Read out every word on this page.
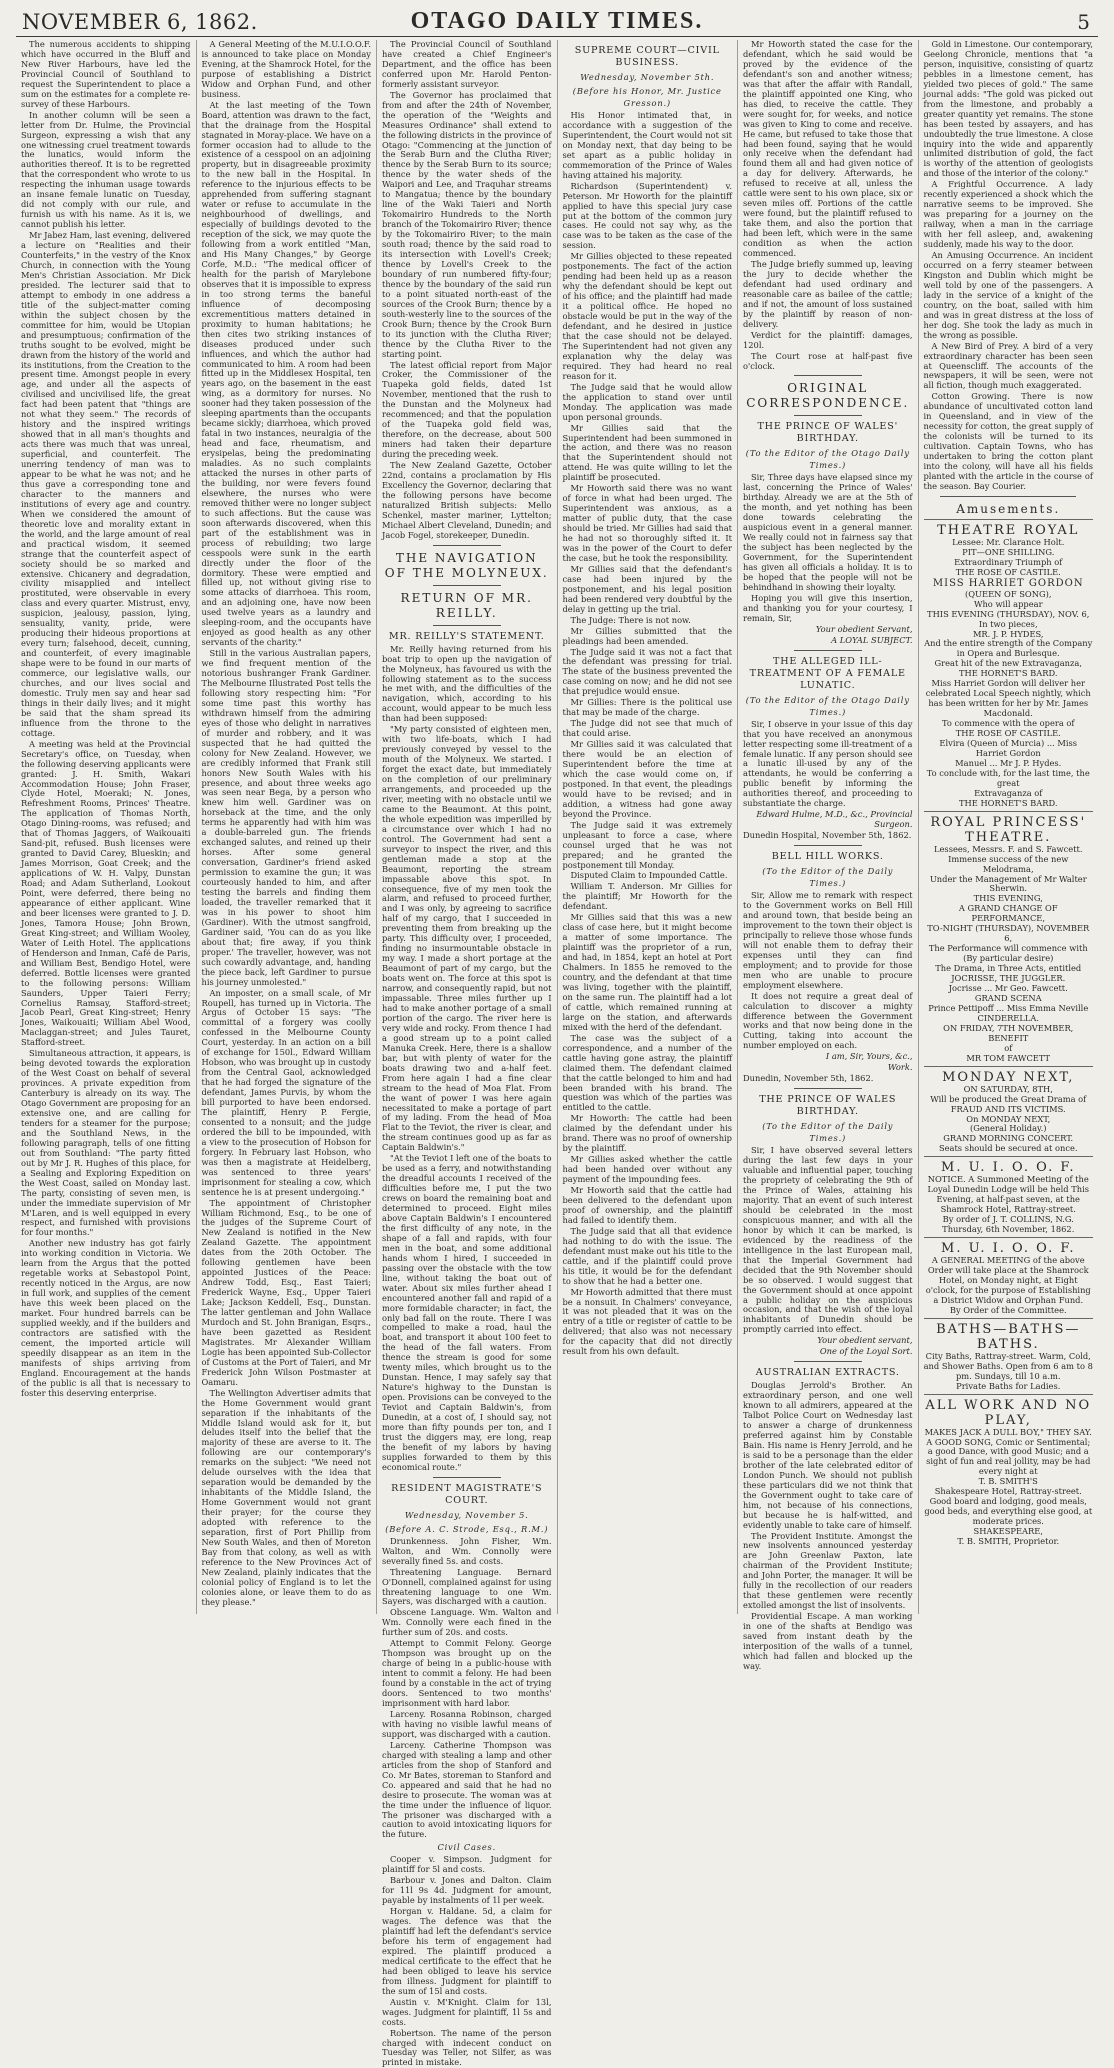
NOVEMBER 6, 1862.	OTAGO DAILY TIMES.	5

The numerous accidents to shipping which have occurred in the Bluff and New River Harbours, have led the Provincial Council of Southland to request the Superintendent to place a sum on the estimates for a complete re-survey of these Harbours.

In another column will be seen a letter from Dr. Hulme, the Provincial Surgeon, expressing a wish that any one witnessing cruel treatment towards the lunatics, would inform the authorities thereof. It is to be regretted that the correspondent who wrote to us respecting the inhuman usage towards an insane female lunatic on Tuesday, did not comply with our rule, and furnish us with his name. As it is, we cannot publish his letter.

Mr Jabez Ham, last evening, delivered a lecture on "Realities and their Counterfeits," in the vestry of the Knox Church, in connection with the Young Men's Christian Association. Mr Dick presided. The lecturer said that to attempt to embody in one address a title of the subject-matter coming within the subject chosen by the committee for him, would be Utopian and presumptuous; confirmation of the truths sought to be evolved, might be drawn from the history of the world and its institutions, from the Creation to the present time. Amongst people in every age, and under all the aspects of civilised and uncivilised life, the great fact had been patent that "things are not what they seem." The records of history and the inspired writings showed that in all man's thoughts and acts there was much that was unreal, superficial, and counterfeit. The unerring tendency of man was to appear to be what he was not; and he thus gave a corresponding tone and character to the manners and institutions of every age and country. When we considered the amount of theoretic love and morality extant in the world, and the large amount of real and practical wisdom, it seemed strange that the counterfeit aspect of society should be so marked and extensive. Chicanery and degradation, civility misapplied and intellect prostituted, were observable in every class and every quarter. Mistrust, envy, suspicion, jealousy, passion, lying, sensuality, vanity, pride, were producing their hideous proportions at every turn; falsehood, deceit, cunning, and counterfeit, of every imaginable shape were to be found in our marts of commerce, our legislative walls, our churches, and our lives social and domestic. Truly men say and hear sad things in their daily lives; and it might be said that the sham spread its influence from the throne to the cottage.

A meeting was held at the Provincial Secretary's office, on Tuesday, when the following deserving applicants were granted: J. H. Smith, Wakari Accommodation House; John Fraser, Clyde Hotel, Moeraki; N. Jones, Refreshment Rooms, Princes' Theatre. The application of Thomas North, Otago Dining-rooms, was refused; and that of Thomas Jaggers, of Waikouaiti Sand-pit, refused. Bush licenses were granted to David Carey, Blueskin; and James Morrison, Goat Creek; and the applications of W. H. Valpy, Dunstan Road; and Adam Sutherland, Lookout Point, were deferred, there being no appearance of either applicant. Wine and beer licenses were granted to J. D. Jones, Tamora House; John Brown, Great King-street; and William Wooley, Water of Leith Hotel. The applications of Henderson and Inman, Café de Paris, and William Best, Bendigo Hotel, were deferred. Bottle licenses were granted to the following persons: William Saunders, Upper Taieri Ferry; Cornelius Ramsay, Stafford-street; Jacob Pearl, Great King-street; Henry Jones, Waikouaiti; William Abel Wood, Maclaggan-street; and Jules Tauret, Stafford-street.

Simultaneous attraction, it appears, is being devoted towards the exploration of the West Coast on behalf of several provinces. A private expedition from Canterbury is already on its way. The Otago Government are proposing for an extensive one, and are calling for tenders for a steamer for the purpose; and the Southland News, in the following paragraph, tells of one fitting out from Southland: "The party fitted out by Mr J. R. Hughes of this place, for a Sealing and Exploring Expedition on the West Coast, sailed on Monday last. The party, consisting of seven men, is under the immediate supervision of Mr M'Laren, and is well equipped in every respect, and furnished with provisions for four months."

Another new industry has got fairly into working condition in Victoria. We learn from the Argus that the potted regetable works at Sebastopol Point, recently noticed in the Argus, are now in full work, and supplies of the cement have this week been placed on the market. Four hundred barrels can be supplied weekly, and if the builders and contractors are satisfied with the cement, the imported article will speedily disappear as an item in the manifests of ships arriving from England. Encouragement at the hands of the public is all that is necessary to foster this deserving enterprise.

A General Meeting of the M.U.I.O.O.F. is announced to take place on Monday Evening, at the Shamrock Hotel, for the purpose of establishing a District Widow and Orphan Fund, and other business.

At the last meeting of the Town Board, attention was drawn to the fact, that the drainage from the Hospital stagnated in Moray-place. We have on a former occasion had to allude to the existence of a cesspool on an adjoining property, but in disagreeable proximity to the new ball in the Hospital. In reference to the injurious effects to be apprehended from suffering stagnant water or refuse to accumulate in the neighbourhood of dwellings, and especially of buildings devoted to the reception of the sick, we may quote the following from a work entitled "Man, and His Many Changes," by George Corfe, M.D.: "The medical officer of health for the parish of Marylebone observes that it is impossible to express in too strong terms the baneful influence of decomposing excrementitious matters detained in proximity to human habitations; he then cites two striking instances of diseases produced under such influences, and which the author had communicated to him. A room had been fitted up in the Middlesex Hospital, ten years ago, on the basement in the east wing, as a dormitory for nurses. No sooner had they taken possession of the sleeping apartments than the occupants became sickly; diarrhoea, which proved fatal in two instances, neuralgia of the head and face, rheumatism, and erysipelas, being the predominating maladies. As no such complaints attacked the nurses in other parts of the building, nor were fevers found elsewhere, the nurses who were removed thither were no longer subject to such affections. But the cause was soon afterwards discovered, when this part of the establishment was in process of rebuilding; two large cesspools were sunk in the earth directly under the floor of the dormitory. These were emptied and filled up, not without giving rise to some attacks of diarrhoea. This room, and an adjoining one, have now been used twelve years as a laundry and sleeping-room, and the occupants have enjoyed as good health as any other servants of the charity."

Still in the various Australian papers, we find frequent mention of the notorious bushranger Frank Gardiner. The Melbourne Illustrated Post tells the following story respecting him: "For some time past this worthy has withdrawn himself from the admiring eyes of those who delight in narratives of murder and robbery, and it was suspected that he had quitted the colony for New Zealand. However, we are credibly informed that Frank still honors New South Wales with his presence, and about three weeks ago was seen near Bega, by a person who knew him well. Gardiner was on horseback at the time, and the only terms he apparently had with him was a double-barreled gun. The friends exchanged salutes, and reined up their horses. After some general conversation, Gardiner's friend asked permission to examine the gun; it was courteously handed to him, and after testing the barrels and finding them loaded, the traveller remarked that it was in his power to shoot him (Gardiner). With the utmost sangfroid, Gardiner said, 'You can do as you like about that; fire away, if you think proper.' The traveller, however, was not such cowardly advantage, and, handing the piece back, left Gardiner to pursue his journey unmolested."

An imposter, on a small scale, of Mr Roupell, has turned up in Victoria. The Argus of October 15 says: "The committal of a forgery was coolly confessed in the Melbourne County Court, yesterday. In an action on a bill of exchange for 150l., Edward William Hobson, who was brought up in custody from the Central Gaol, acknowledged that he had forged the signature of the defendant, James Purvis, by whom the bill purported to have been endorsed. The plaintiff, Henry P. Fergie, consented to a nonsuit; and the judge ordered the bill to be impounded, with a view to the prosecution of Hobson for forgery. In February last Hobson, who was then a magistrate at Heidelberg, was sentenced to three years' imprisonment for stealing a cow, which sentence he is at present undergoing."

The appointment of Christopher William Richmond, Esq., to be one of the judges of the Supreme Court of New Zealand is notified in the New Zealand Gazette. The appointment dates from the 20th October. The following gentlemen have been appointed Justices of the Peace: Andrew Todd, Esq., East Taieri; Frederick Wayne, Esq., Upper Taieri Lake; Jackson Keddell, Esq., Dunstan. The latter gentleman and John Wallace Murdoch and St. John Branigan, Esqrs., have been gazetted as Resident Magistrates. Mr Alexander William Logie has been appointed Sub-Collector of Customs at the Port of Taieri, and Mr Frederick John Wilson Postmaster at Oamaru.

The Wellington Advertiser admits that the Home Government would grant separation if the inhabitants of the Middle Island would ask for it, but deludes itself into the belief that the majority of these are averse to it. The following are our contemporary's remarks on the subject: "We need not delude ourselves with the idea that separation would be demanded by the inhabitants of the Middle Island, the Home Government would not grant their prayer; for the course they adopted with reference to the separation, first of Port Phillip from New South Wales, and then of Moreton Bay from that colony, as well as with reference to the New Provinces Act of New Zealand, plainly indicates that the colonial policy of England is to let the colonies alone, or leave them to do as they please."

The Provincial Council of Southland have created a Chief Engineer's Department, and the office has been conferred upon Mr. Harold Penton-formerly assistant surveyor.

The Governor has proclaimed that from and after the 24th of November, the operation of the "Weights and Measures Ordinance" shall extend to the following districts in the province of Otago: "Commencing at the junction of the Serab Burn and the Clutha River; thence by the Serab Burn to its source; thence by the water sheds of the Waipori and Lee, and Traquhar streams to Mangatua; thence by the boundary line of the Waki Taieri and North Tokomairiro Hundreds to the North branch of the Tokomairiro River; thence by the Tokomairiro River; to the main south road; thence by the said road to its intersection with Lovell's Creek; thence by Lovell's Creek to the boundary of run numbered fifty-four; thence by the boundary of the said run to a point situated north-east of the sources of the Crook Burn; thence by a south-westerly line to the sources of the Crook Burn; thence by the Crook Burn to its junction with the Clutha River; thence by the Clutha River to the starting point.

The latest official report from Major Croker, the Commissioner of the Tuapeka gold fields, dated 1st November, mentioned that the rush to the Dunstan and the Molyneux had recommenced; and that the population of the Tuapeka gold field was, therefore, on the decrease, about 500 miners had taken their departure during the preceding week.

The New Zealand Gazette, October 22nd, contains a proclamation by His Excellency the Governor, declaring that the following persons have become naturalized British subjects: Mello Schenkel, master mariner, Lyttelton; Michael Albert Cleveland, Dunedin; and Jacob Fogel, storekeeper, Dunedin.

THE NAVIGATION OF THE MOLYNEUX.
RETURN OF MR. REILLY.
MR. REILLY'S STATEMENT.

Mr. Reilly having returned from his boat trip to open up the navigation of the Molyneux, has favoured us with the following statement as to the success he met with, and the difficulties of the navigation, which, according to his account, would appear to be much less than had been supposed:

"My party consisted of eighteen men, with two life-boats, which I had previously conveyed by vessel to the mouth of the Molyneux. We started. I forget the exact date, but immediately on the completion of our preliminary arrangements, and proceeded up the river, meeting with no obstacle until we came to the Beaumont. At this point, the whole expedition was imperilled by a circumstance over which I had no control. The Government had sent a surveyor to inspect the river, and this gentleman made a stop at the Beaumont, reporting the stream impassable above this spot. In consequence, five of my men took the alarm, and refused to proceed further, and I was only, by agreeing to sacrifice half of my cargo, that I succeeded in preventing them from breaking up the party. This difficulty over, I proceeded, finding no insurmountable obstacle in my way. I made a short portage at the Beaumont of part of my cargo, but the boats went on. The force at this spot is narrow, and consequently rapid, but not impassable. Three miles further up I had to make another portage of a small portion of the cargo. The river here is very wide and rocky. From thence I had a good stream up to a point called Manuka Creek. Here, there is a shallow bar, but with plenty of water for the boats drawing two and a-half feet. From here again I had a fine clear stream to the head of Moa Flat. From the want of power I was here again necessitated to make a portage of part of my lading. From the head of Moa Flat to the Teviot, the river is clear, and the stream continues good up as far as Captain Baldwin's."

"At the Teviot I left one of the boats to be used as a ferry, and notwithstanding the dreadful accounts I received of the difficulties before me, I put the two crews on board the remaining boat and determined to proceed. Eight miles above Captain Baldwin's I encountered the first difficulty of any note, in the shape of a fall and rapids, with four men in the boat, and some additional hands whom I hired, I succeeded in passing over the obstacle with the tow line, without taking the boat out of water. About six miles further ahead I encountered another fall and rapid of a more formidable character; in fact, the only bad fall on the route. There I was compelled to make a road, haul the boat, and transport it about 100 feet to the head of the fall waters. From thence the stream is good for some twenty miles, which brought us to the Dunstan. Hence, I may safely say that Nature's highway to the Dunstan is open. Provisions can be conveyed to the Teviot and Captain Baldwin's, from Dunedin, at a cost of, I should say, not more than fifty pounds per ton, and I trust the diggers may, ere long, reap the benefit of my labors by having supplies forwarded to them by this economical route."

RESIDENT MAGISTRATE'S COURT.
Wednesday, November 5.
(Before A. C. Strode, Esq., R.M.)

Drunkenness. John Fisher, Wm. Walton, and Wm. Connolly were severally fined 5s. and costs.

Threatening Language. Bernard O'Donnell, complained against for using threatening language to one Wm. Sayers, was discharged with a caution.

Obscene Language. Wm. Walton and Wm. Connolly were each fined in the further sum of 20s. and costs.

Attempt to Commit Felony. George Thompson was brought up on the charge of being in a public-house with intent to commit a felony. He had been found by a constable in the act of trying doors. Sentenced to two months' imprisonment with hard labor.

Larceny. Rosanna Robinson, charged with having no visible lawful means of support, was discharged with a caution.

Larceny. Catherine Thompson was charged with stealing a lamp and other articles from the shop of Stanford and Co. Mr Bates, storeman to Stanford and Co. appeared and said that he had no desire to prosecute. The woman was at the time under the influence of liquor. The prisoner was discharged with a caution to avoid intoxicating liquors for the future.

Civil Cases.

Cooper v. Simpson. Judgment for plaintiff for 5l and costs.

Barbour v. Jones and Dalton. Claim for 11l 9s 4d. Judgment for amount, payable by instalments of 1l per week.

Horgan v. Haldane. 5d, a claim for wages. The defence was that the plaintiff had left the defendant's service before his term of engagement had expired. The plaintiff produced a medical certificate to the effect that he had been obliged to leave his service from illness. Judgment for plaintiff to the sum of 15l and costs.

Austin v. M'Knight. Claim for 13l, wages. Judgment for plaintiff, 1l 5s and costs.

Robertson. The name of the person charged with indecent conduct on Tuesday was Teller, not Silfer, as was printed in mistake.

SUPREME COURT—CIVIL BUSINESS.
Wednesday, November 5th.
(Before his Honor, Mr. Justice Gresson.)

His Honor intimated that, in accordance with a suggestion of the Superintendent, the Court would not sit on Monday next, that day being to be set apart as a public holiday in commemoration of the Prince of Wales having attained his majority.

Richardson (Superintendent) v. Peterson. Mr Howorth for the plaintiff applied to have this special jury case put at the bottom of the common jury cases. He could not say why, as the case was to be taken as the case of the session.

Mr Gillies objected to these repeated postponements. The fact of the action pending had been held up as a reason why the defendant should be kept out of his office; and the plaintiff had made it a political office. He hoped no obstacle would be put in the way of the defendant, and he desired in justice that the case should not be delayed. The Superintendent had not given any explanation why the delay was required. They had heard no real reason for it.

The Judge said that he would allow the application to stand over until Monday. The application was made upon personal grounds.

Mr Gillies said that the Superintendent had been summoned in the action, and there was no reason that the Superintendent should not attend. He was quite willing to let the plaintiff be prosecuted.

Mr Howorth said there was no want of force in what had been urged. The Superintendent was anxious, as a matter of public duty, that the case should be tried. Mr Gillies had said that he had not so thoroughly sifted it. It was in the power of the Court to defer the case, but he took the responsibility.

Mr Gillies said that the defendant's case had been injured by the postponement, and his legal position had been rendered very doubtful by the delay in getting up the trial.

The Judge: There is not now.

Mr Gillies submitted that the pleadings had been amended.

The Judge said it was not a fact that the defendant was pressing for trial. The state of the business prevented the case coming on now; and he did not see that prejudice would ensue.

Mr Gillies: There is the political use that may be made of the charge.

The Judge did not see that much of that could arise.

Mr Gillies said it was calculated that there would be an election of Superintendent before the time at which the case would come on, if postponed. In that event, the pleadings would have to be revised; and in addition, a witness had gone away beyond the Province.

The Judge said it was extremely unpleasant to force a case, where counsel urged that he was not prepared; and he granted the postponement till Monday.

Disputed Claim to Impounded Cattle.

William T. Anderson. Mr Gillies for the plaintiff; Mr Howorth for the defendant.

Mr Gillies said that this was a new class of case here, but it might become a matter of some importance. The plaintiff was the proprietor of a run, and had, in 1854, kept an hotel at Port Chalmers. In 1855 he removed to the country, and the defendant at that time was living, together with the plaintiff, on the same run. The plaintiff had a lot of cattle, which remained running at large on the station, and afterwards mixed with the herd of the defendant.

The case was the subject of a correspondence, and a number of the cattle having gone astray, the plaintiff claimed them. The defendant claimed that the cattle belonged to him and had been branded with his brand. The question was which of the parties was entitled to the cattle.

Mr Howorth: The cattle had been claimed by the defendant under his brand. There was no proof of ownership by the plaintiff.

Mr Gillies asked whether the cattle had been handed over without any payment of the impounding fees.

Mr Howorth said that the cattle had been delivered to the defendant upon proof of ownership, and the plaintiff had failed to identify them.

The Judge said that all that evidence had nothing to do with the issue. The defendant must make out his title to the cattle, and if the plaintiff could prove his title, it would be for the defendant to show that he had a better one.

Mr Howorth admitted that there must be a nonsuit. In Chalmers' conveyance, it was not pleaded that it was on the entry of a title or register of cattle to be delivered; that also was not necessary for the capacity that did not directly result from his own default.

Mr Howorth stated the case for the defendant, which he said would be proved by the evidence of the defendant's son and another witness; was that after the affair with Randall, the plaintiff appointed one King, who has died, to receive the cattle. They were sought for, for weeks, and notice was given to King to come and receive. He came, but refused to take those that had been found, saying that he would only receive when the defendant had found them all and had given notice of a day for delivery. Afterwards, he refused to receive at all, unless the cattle were sent to his own place, six or seven miles off. Portions of the cattle were found, but the plaintiff refused to take them, and also the portion that had been left, which were in the same condition as when the action commenced.

The Judge briefly summed up, leaving the jury to decide whether the defendant had used ordinary and reasonable care as bailee of the cattle; and if not, the amount of loss sustained by the plaintiff by reason of non-delivery.

Verdict for the plaintiff: damages, 120l.

The Court rose at half-past five o'clock.

ORIGINAL CORRESPONDENCE.
THE PRINCE OF WALES' BIRTHDAY.
(To the Editor of the Otago Daily Times.)

Sir, Three days have elapsed since my last, concerning the Prince of Wales' birthday. Already we are at the 5th of the month, and yet nothing has been done towards celebrating the auspicious event in a general manner. We really could not in fairness say that the subject has been neglected by the Government, for the Superintendent has given all officials a holiday. It is to be hoped that the people will not be behindhand in showing their loyalty.

Hoping you will give this insertion, and thanking you for your courtesy, I remain, Sir,

Your obedient Servant,

A LOYAL SUBJECT.

THE ALLEGED ILL-TREATMENT OF A FEMALE LUNATIC.
(To the Editor of the Otago Daily Times.)

Sir, I observe in your issue of this day that you have received an anonymous letter respecting some ill-treatment of a female lunatic. If any person should see a lunatic ill-used by any of the attendants, he would be conferring a public benefit by informing the authorities thereof, and proceeding to substantiate the charge.

Edward Hulme, M.D., &c., Provincial Surgeon.

Dunedin Hospital, November 5th, 1862.

BELL HILL WORKS.
(To the Editor of the Daily Times.)

Sir, Allow me to remark with respect to the Government works on Bell Hill and around town, that beside being an improvement to the town their object is principally to relieve those whose funds will not enable them to defray their expenses until they can find employment; and to provide for those men who are unable to procure employment elsewhere.

It does not require a great deal of calculation to discover a mighty difference between the Government works and that now being done in the Cutting, taking into account the number employed on each.

I am, Sir, Yours, &c.,

Work.

Dunedin, November 5th, 1862.

THE PRINCE OF WALES BIRTHDAY.
(To the Editor of the Daily Times.)

Sir, I have observed several letters during the last few days in your valuable and influential paper, touching the propriety of celebrating the 9th of the Prince of Wales, attaining his majority. That an event of such interest should be celebrated in the most conspicuous manner, and with all the honor by which it can be marked, is evidenced by the readiness of the intelligence in the last European mail, that the Imperial Government had decided that the 9th November should be so observed. I would suggest that the Government should at once appoint a public holiday on the auspicious occasion, and that the wish of the loyal inhabitants of Dunedin should be promptly carried into effect.

Your obedient servant,

One of the Loyal Sort.

AUSTRALIAN EXTRACTS.

Douglas Jerrold's Brother. An extraordinary person, and one well known to all admirers, appeared at the Talbot Police Court on Wednesday last to answer a charge of drunkenness preferred against him by Constable Bain. His name is Henry Jerrold, and he is said to be a personage than the elder brother of the late celebrated editor of London Punch. We should not publish these particulars did we not think that the Government ought to take care of him, not because of his connections, but because he is half-witted, and evidently unable to take care of himself.

The Provident Institute. Amongst the new insolvents announced yesterday are John Greenlaw Paxton, late chairman of the Provident Institute; and John Porter, the manager. It will be fully in the recollection of our readers that these gentlemen were recently extolled amongst the list of insolvents.

Providential Escape. A man working in one of the shafts at Bendigo was saved from instant death by the interposition of the walls of a tunnel, which had fallen and blocked up the way.

Gold in Limestone. Our contemporary, Geelong Chronicle, mentions that "a person, inquisitive, consisting of quartz pebbles in a limestone cement, has yielded two pieces of gold." The same journal adds: "The gold was picked out from the limestone, and probably a greater quantity yet remains. The stone has been tested by assayers, and has undoubtedly the true limestone. A close inquiry into the wide and apparently unlimited distribution of gold, the fact is worthy of the attention of geologists and those of the interior of the colony."

A Frightful Occurrence. A lady recently experienced a shock which the narrative seems to be improved. She was preparing for a journey on the railway, when a man in the carriage with her fell asleep, and, awakening suddenly, made his way to the door.

An Amusing Occurrence. An incident occurred on a ferry steamer between Kingston and Dublin which might be well told by one of the passengers. A lady in the service of a knight of the country, on the boat, sailed with him and was in great distress at the loss of her dog. She took the lady as much in the wrong as possible.

A New Bird of Prey. A bird of a very extraordinary character has been seen at Queenscliff. The accounts of the newspapers, it will be seen, were not all fiction, though much exaggerated.

Cotton Growing. There is now abundance of uncultivated cotton land in Queensland, and in view of the necessity for cotton, the great supply of the colonists will be turned to its cultivation. Captain Towns, who has undertaken to bring the cotton plant into the colony, will have all his fields planted with the article in the course of the season. Bay Courier.

Amusements.
THEATRE ROYAL
Lessee: Mr. Clarance Holt.
PIT—ONE SHILLING.
Extraordinary Triumph of
THE ROSE OF CASTILE.
MISS HARRIET GORDON
(QUEEN OF SONG),
Who will appear
THIS EVENING (THURSDAY), NOV. 6,
In two pieces,
MR. J. P. HYDES,
And the entire strength of the Company in Opera and Burlesque.
Great hit of the new Extravaganza,
THE HORNET'S BARD.
Miss Harriet Gordon will deliver her celebrated Local Speech nightly, which has been written for her by Mr. James Macdonald.
To commence with the opera of
THE ROSE OF CASTILE.
Elvira (Queen of Murcia) ... Miss Harriet Gordon
Manuel ... Mr J. P. Hydes.
To conclude with, for the last time, the great
Extravaganza of
THE HORNET'S BARD.
ROYAL PRINCESS' THEATRE.
Lessees, Messrs. F. and S. Fawcett.
Immense success of the new Melodrama,
Under the Management of Mr Walter Sherwin.
THIS EVENING,
A GRAND CHANGE OF PERFORMANCE,
TO-NIGHT (THURSDAY), NOVEMBER 6,
The Performance will commence with
(By particular desire)
The Drama, in Three Acts, entitled
JOCRISSE, THE JUGGLER.
Jocrisse ... Mr Geo. Fawcett.
GRAND SCENA
Prince Pettipoff ... Miss Emma Neville
CINDERELLA.
ON FRIDAY, 7TH NOVEMBER,
BENEFIT
of
MR TOM FAWCETT
MONDAY NEXT,
ON SATURDAY, 8TH,
Will be produced the Great Drama of
FRAUD AND ITS VICTIMS.
On MONDAY NEXT,
(General Holiday.)
GRAND MORNING CONCERT.
Seats should be secured at once.
M. U. I. O. O. F.
NOTICE. A Summoned Meeting of the Loyal Dunedin Lodge will be held This Evening, at half-past seven, at the Shamrock Hotel, Rattray-street.
By order of J. T. COLLINS, N.G.
Thursday, 6th November, 1862.
M. U. I. O. O. F.
A GENERAL MEETING of the above Order will take place at the Shamrock Hotel, on Monday night, at Eight o'clock, for the purpose of Establishing a District Widow and Orphan Fund.
By Order of the Committee.
BATHS—BATHS—BATHS.
City Baths, Rattray-street. Warm, Cold, and Shower Baths. Open from 6 am to 8 pm. Sundays, till 10 a.m.
Private Baths for Ladies.
ALL WORK AND NO PLAY,
MAKES JACK A DULL BOY," THEY SAY.
A GOOD SONG, Comic or Sentimental; a good Dance, with good Music; and a sight of fun and real jollity, may be had every night at
T. B. SMITH'S
Shakespeare Hotel, Rattray-street.
Good board and lodging, good meals, good beds, and everything else good, at moderate prices.
SHAKESPEARE,
T. B. SMITH, Proprietor.
